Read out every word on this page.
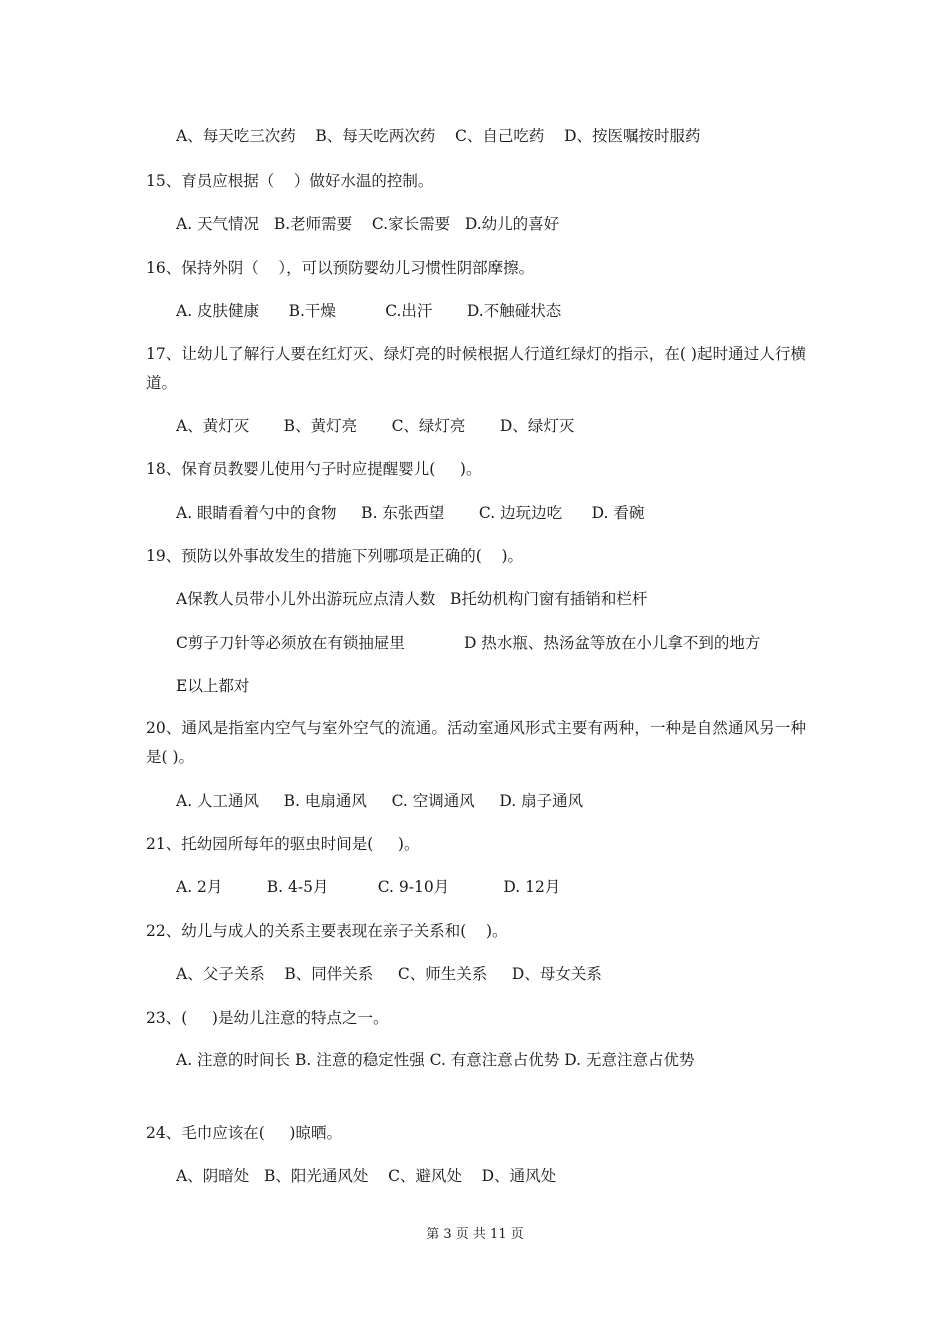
A、每天吃三次药    B、每天吃两次药    C、自己吃药    D、按医嘱按时服药
15、育员应根据（    ）做好水温的控制。
A. 天气情况   B.老师需要    C.家长需要   D.幼儿的喜好
16、保持外阴（    ），可以预防婴幼儿习惯性阴部摩擦。
A. 皮肤健康      B.干燥          C.出汗       D.不触碰状态
17、让幼儿了解行人要在红灯灭、绿灯亮的时候根据人行道红绿灯的指示，在( )起时通过人行横道。
A、黄灯灭       B、黄灯亮       C、绿灯亮       D、绿灯灭
18、保育员教婴儿使用勺子时应提醒婴儿(     )。
A. 眼睛看着勺中的食物     B. 东张西望       C. 边玩边吃      D. 看碗
19、预防以外事故发生的措施下列哪项是正确的(    )。
A保教人员带小儿外出游玩应点清人数   B托幼机构门窗有插销和栏杆
C剪子刀针等必须放在有锁抽屉里            D 热水瓶、热汤盆等放在小儿拿不到的地方
E以上都对
20、通风是指室内空气与室外空气的流通。活动室通风形式主要有两种，一种是自然通风另一种是( )。
A. 人工通风     B. 电扇通风     C. 空调通风     D. 扇子通风
21、托幼园所每年的驱虫时间是(     )。
A. 2月         B. 4-5月          C. 9-10月           D. 12月
22、幼儿与成人的关系主要表现在亲子关系和(    )。
A、父子关系    B、同伴关系     C、师生关系     D、母女关系
23、(     )是幼儿注意的特点之一。
A. 注意的时间长 B. 注意的稳定性强 C. 有意注意占优势 D. 无意注意占优势
24、毛巾应该在(     )晾晒。
A、阴暗处   B、阳光通风处    C、避风处    D、通风处
第 3 页 共 11 页
